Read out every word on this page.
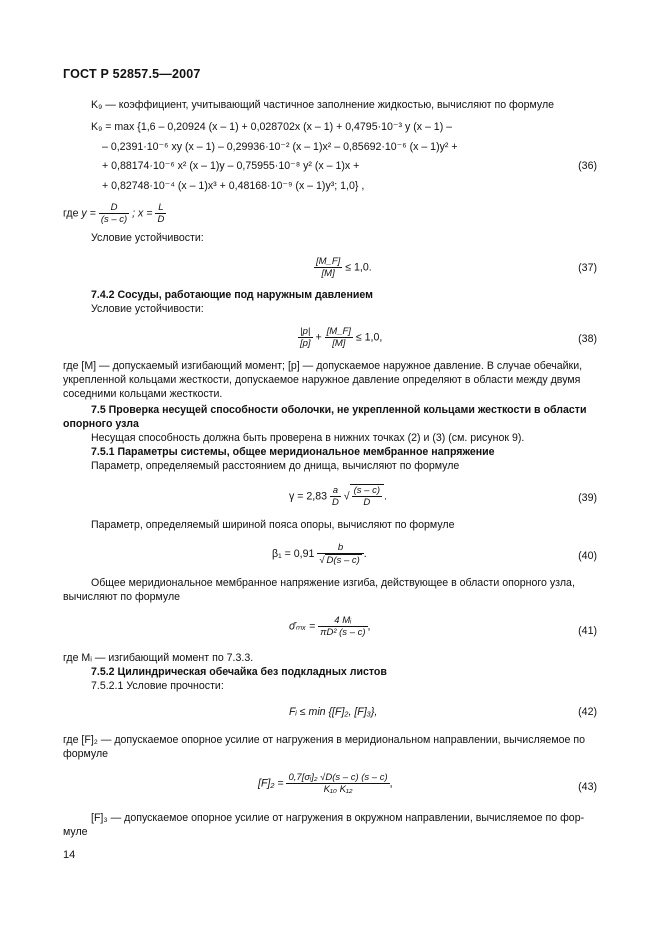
ГОСТ Р 52857.5—2007
K₉ — коэффициент, учитывающий частичное заполнение жидкостью, вычисляют по формуле
K₉ = max {1,6 – 0,20924 (x – 1) + 0,028702x (x – 1) + 0,4795·10⁻³ y (x – 1) –
– 0,2391·10⁻⁶ xy (x – 1) – 0,29936·10⁻² (x – 1)x² – 0,85692·10⁻⁶ (x – 1)y² +
+ 0,88174·10⁻⁶ x² (x – 1)y – 0,75955·10⁻⁸ y² (x – 1)x +	(36)
+ 0,82748·10⁻⁴ (x – 1)x³ + 0,48168·10⁻⁹ (x – 1)y³; 1,0} ,
где $y = \frac{D}{(s - c)}$ ; $x = \frac{L}{D}$
Условие устойчивости:
$\frac{[M\_F]}{[M]} \le 1,0$.	(37)
7.4.2 Сосуды, работающие под наружным давлением
Условие устойчивости:
$\frac{|p|}{[p]} + \frac{[M\_F]}{[M]} \le 1,0$,	(38)
где [M] — допускаемый изгибающий момент; [p] — допускаемое наружное давление. В случае обечайки,
укрепленной кольцами жесткости, допускаемое наружное давление определяют в области между двумя
соседними кольцами жесткости.
7.5 Проверка несущей способности оболочки, не укрепленной кольцами жесткости в области
опорного узла
Несущая способность должна быть проверена в нижних точках (2) и (3) (см. рисунок 9).
7.5.1 Параметры системы, общее меридиональное мембранное напряжение
Параметр, определяемый расстоянием до днища, вычисляют по формуле
$\gamma = 2,83 \frac{a}{D}$ √ $\frac{(s - c)}{D}$ .	(39)
Параметр, определяемый шириной пояса опоры, вычисляют по формуле
$\beta_1 = 0,91 \frac{b}{√ D(s - c)}$ .	(40)
Общее меридиональное мембранное напряжение изгиба, действующее в области опорного узла,
вычисляют по формуле
σ̄ₘₓ = $\frac{\text{4 Mᵢ}}{\text{πD² (s – c)}}$ ,	(41)
где Mᵢ — изгибающий момент по 7.3.3.
7.5.2 Цилиндрическая обечайка без подкладных листов
7.5.2.1 Условие прочности:
Fᵢ ≤ min {[F]₂, [F]₃},	(42)
где [F]₂ — допускаемое опорное усилие от нагружения в меридиональном направлении, вычисляемое по
формуле
$[F]_2 = \frac{\text{0,7[σᵢ]₂ √D(s – c) (s – c)}}{\text{K₁₀ K₁₂}}$ ,	(43)
[F]₃ — допускаемое опорное усилие от нагружения в окружном направлении, вычисляемое по фор-
муле
14
